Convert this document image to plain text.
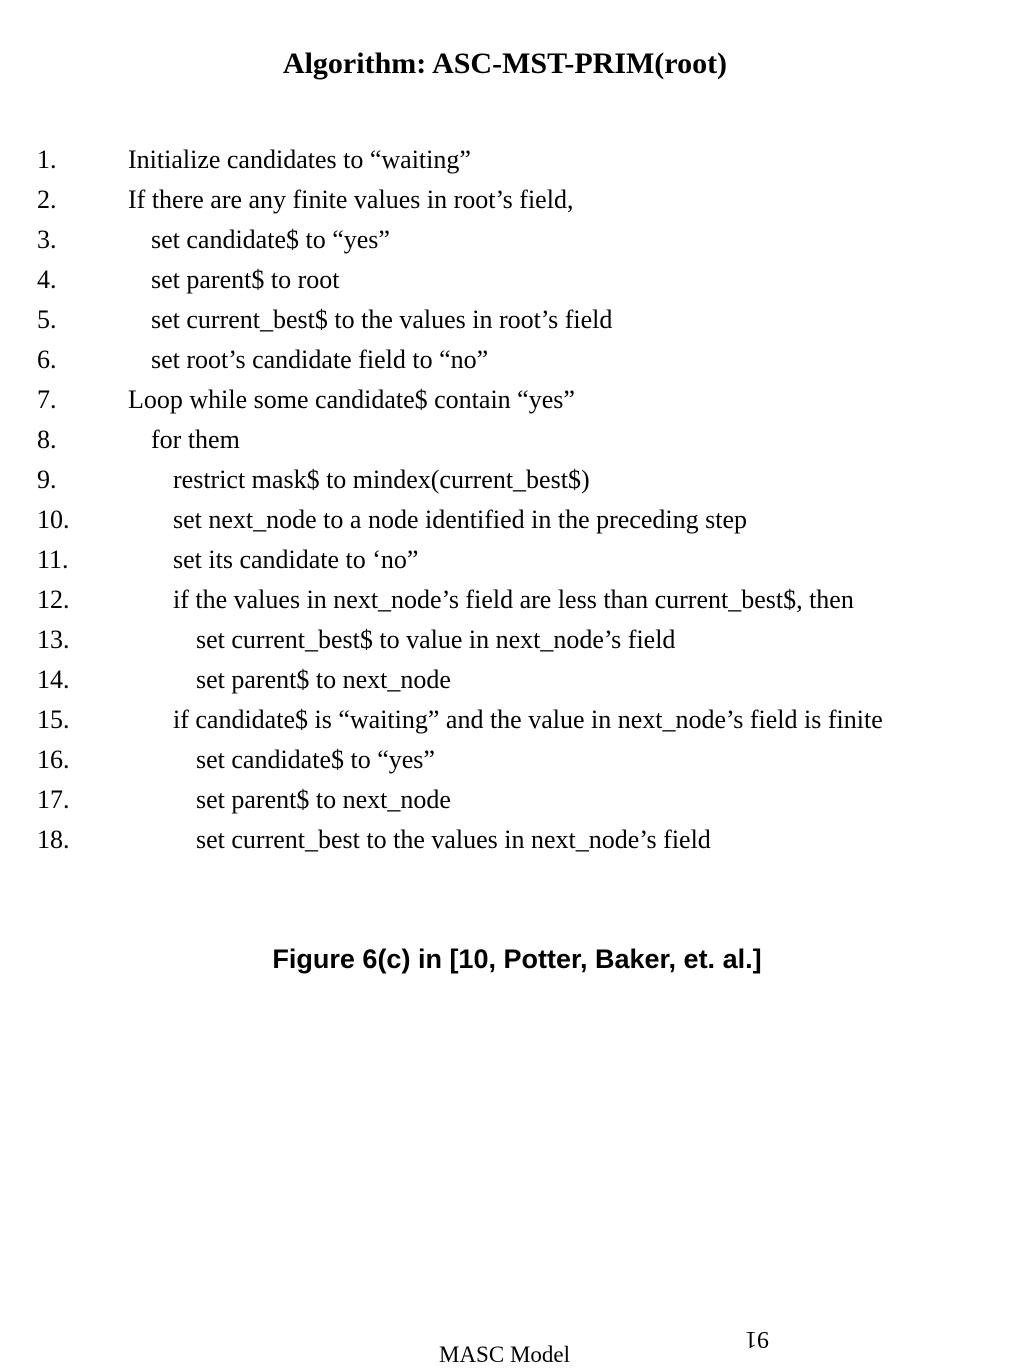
Algorithm: ASC-MST-PRIM(root)
1.	Initialize candidates to “waiting”
2.	If there are any finite values in root’s field,
3.	set candidate$ to “yes”
4.	set parent$ to root
5.	set current_best$ to the values in root’s field
6.	set root’s candidate field to “no”
7.	Loop while some candidate$ contain “yes”
8.	for them
9.	restrict mask$ to mindex(current_best$)
10.	set next_node to a node identified in the preceding step
11.	set its candidate to ‘no”
12.	if the values in next_node’s field are less than current_best$, then
13.	set current_best$ to value in next_node’s field
14.	set parent$ to next_node
15.	if candidate$ is “waiting” and the value in next_node’s field is finite
16.	set candidate$ to “yes”
17.	set parent$ to next_node
18.	set current_best to the values in next_node’s field
Figure 6(c) in [10, Potter, Baker, et. al.]
91
MASC Model
